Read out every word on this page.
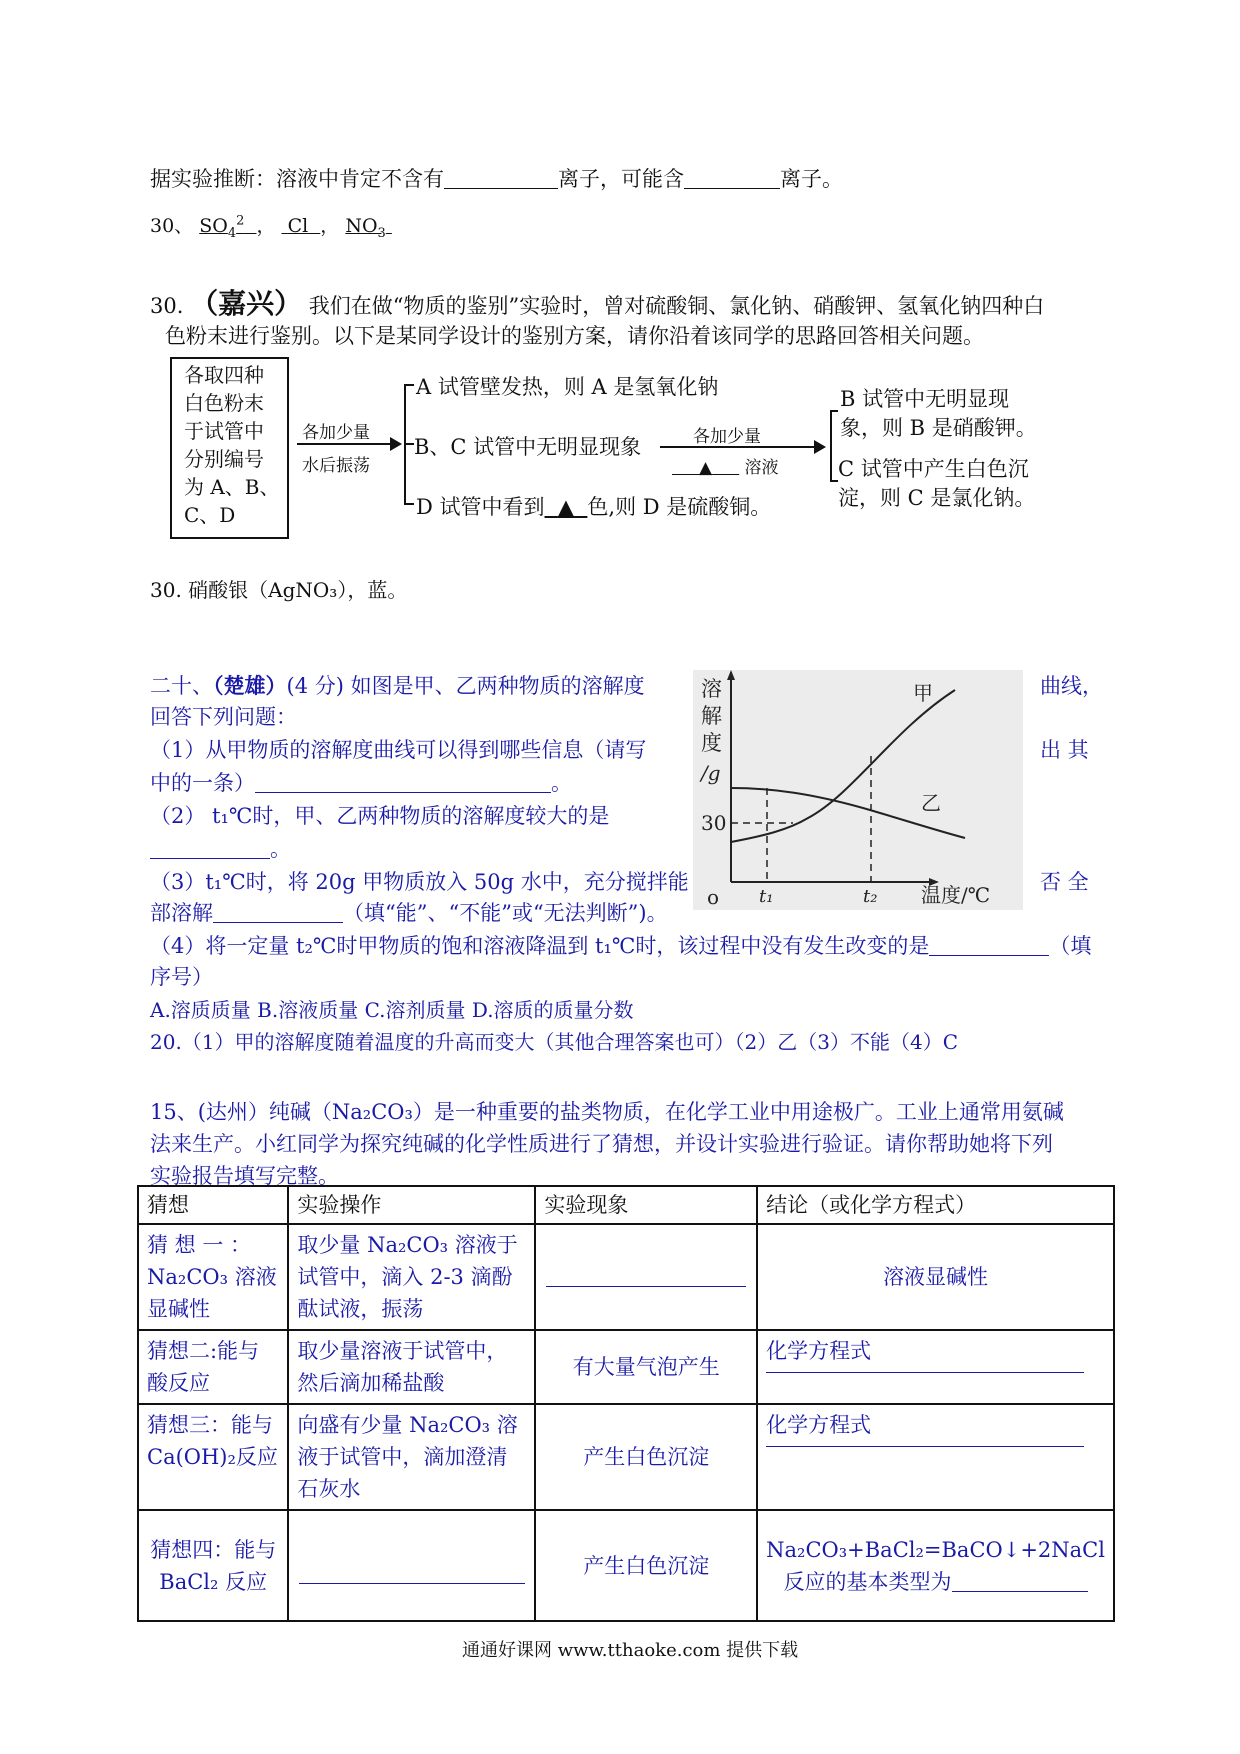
据实验推断：溶液中肯定不含有	离子，可能含	离子。
30、 $SO_4^2$ ，  Cl ， $NO_3$
30. （嘉兴） 我们在做“物质的鉴别”实验时，曾对硫酸铜、氯化钠、硝酸钾、氢氧化钠四种白
色粉末进行鉴别。以下是某同学设计的鉴别方案，请你沿着该同学的思路回答相关问题。
各取四种
白色粉末
于试管中
分别编号
为 A、B、
C、D
各加少量
水后振荡
A 试管壁发热，则 A 是氢氧化钠
B、C 试管中无明显现象
D 试管中看到 ▲ 色,则 D 是硫酸铜。
各加少量
▲ 溶液
B 试管中无明显现
象，则 B 是硝酸钾。
C 试管中产生白色沉
淀，则 C 是氯化钠。
30. 硝酸银（AgNO₃），蓝。
二十、（楚雄）(4 分) 如图是甲、乙两种物质的溶解度	曲线，
回答下列问题：
（1）从甲物质的溶解度曲线可以得到哪些信息（请写	出 其
中的一条）	。
（2） t₁℃时，甲、乙两种物质的溶解度较大的是
。
（3）t₁℃时，将 20g 甲物质放入 50g 水中，充分搅拌能	否 全
部溶解	（填“能”、“不能”或“无法判断”)。
（4）将一定量 t₂℃时甲物质的饱和溶液降温到 t₁℃时，该过程中没有发生改变的是	（填
序号）
A.溶质质量 B.溶液质量 C.溶剂质量 D.溶质的质量分数
20.（1）甲的溶解度随着温度的升高而变大（其他合理答案也可）（2）乙（3）不能（4）C
溶
解
度
/g
30
o t₁	t₂ 温度/℃
甲
乙
15、(达州）纯碱（Na₂CO₃）是一种重要的盐类物质，在化学工业中用途极广。工业上通常用氨碱
法来生产。小红同学为探究纯碱的化学性质进行了猜想，并设计实验进行验证。请你帮助她将下列
实验报告填写完整。
猜想	实验操作	实验现象	结论（或化学方程式）
猜 想 一 ：Na₂CO₃ 溶液显碱性	取少量 Na₂CO₃ 溶液于试管中，滴入 2-3 滴酚酞试液，振荡		溶液显碱性
猜想二:能与酸反应	取少量溶液于试管中，然后滴加稀盐酸	有大量气泡产生	化学方程式

猜想三：能与 Ca(OH)₂反应	向盛有少量 Na₂CO₃ 溶液于试管中，滴加澄清石灰水	产生白色沉淀	化学方程式

猜想四：能与 BaCl₂ 反应		产生白色沉淀	Na₂CO₃+BaCl₂=BaCO↓+2NaCl
反应的基本类型为
通通好课网 www.tthaoke.com 提供下载
